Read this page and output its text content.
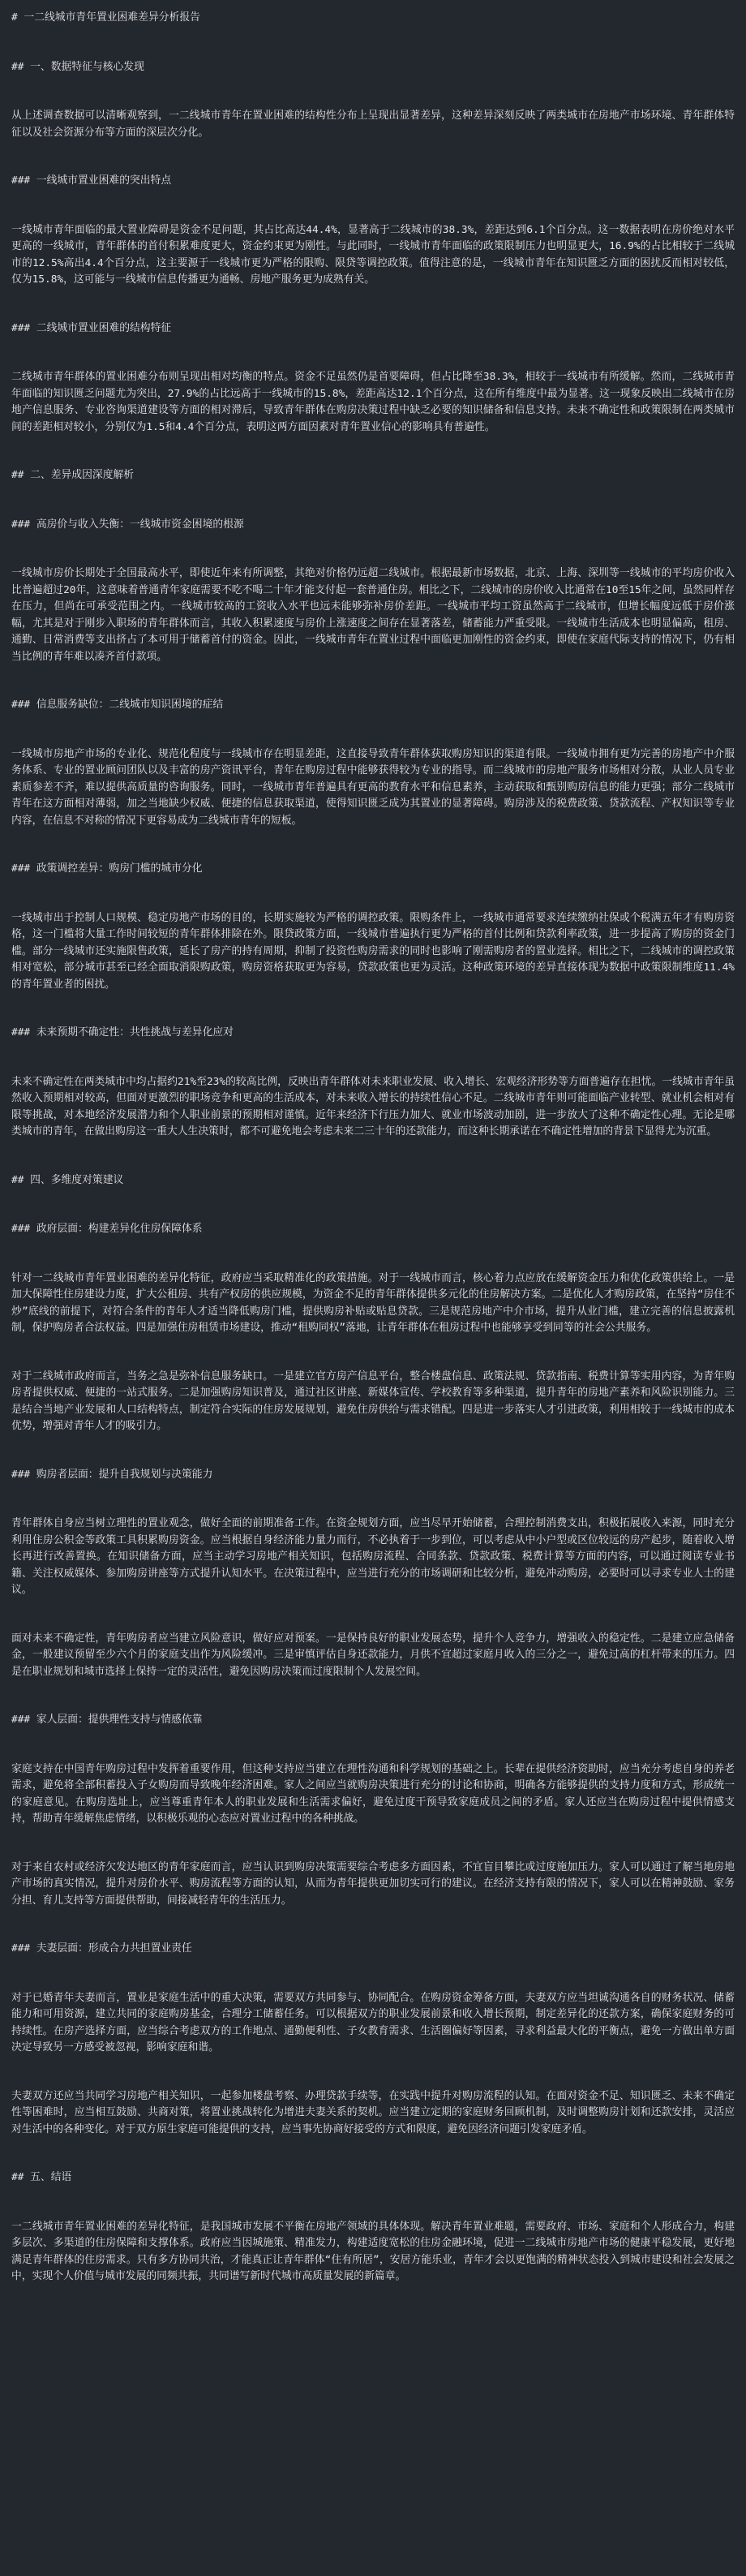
# 一二线城市青年置业困难差异分析报告
## 一、数据特征与核心发现
从上述调查数据可以清晰观察到，一二线城市青年在置业困难的结构性分布上呈现出显著差异，这种差异深刻反映了两类城市在房地产市场环境、青年群体特征以及社会资源分布等方面的深层次分化。
### 一线城市置业困难的突出特点
一线城市青年面临的最大置业障碍是资金不足问题，其占比高达44.4%，显著高于二线城市的38.3%，差距达到6.1个百分点。这一数据表明在房价绝对水平更高的一线城市，青年群体的首付积累难度更大，资金约束更为刚性。与此同时，一线城市青年面临的政策限制压力也明显更大，16.9%的占比相较于二线城市的12.5%高出4.4个百分点，这主要源于一线城市更为严格的限购、限贷等调控政策。值得注意的是，一线城市青年在知识匮乏方面的困扰反而相对较低，仅为15.8%，这可能与一线城市信息传播更为通畅、房地产服务更为成熟有关。
### 二线城市置业困难的结构特征
二线城市青年群体的置业困难分布则呈现出相对均衡的特点。资金不足虽然仍是首要障碍，但占比降至38.3%，相较于一线城市有所缓解。然而，二线城市青年面临的知识匮乏问题尤为突出，27.9%的占比远高于一线城市的15.8%，差距高达12.1个百分点，这在所有维度中最为显著。这一现象反映出二线城市在房地产信息服务、专业咨询渠道建设等方面的相对滞后，导致青年群体在购房决策过程中缺乏必要的知识储备和信息支持。未来不确定性和政策限制在两类城市间的差距相对较小，分别仅为1.5和4.4个百分点，表明这两方面因素对青年置业信心的影响具有普遍性。
## 二、差异成因深度解析
### 高房价与收入失衡：一线城市资金困境的根源
一线城市房价长期处于全国最高水平，即使近年来有所调整，其绝对价格仍远超二线城市。根据最新市场数据，北京、上海、深圳等一线城市的平均房价收入比普遍超过20年，这意味着普通青年家庭需要不吃不喝二十年才能支付起一套普通住房。相比之下，二线城市的房价收入比通常在10至15年之间，虽然同样存在压力，但尚在可承受范围之内。一线城市较高的工资收入水平也远未能够弥补房价差距。一线城市平均工资虽然高于二线城市，但增长幅度远低于房价涨幅，尤其是对于刚步入职场的青年群体而言，其收入积累速度与房价上涨速度之间存在显著落差，储蓄能力严重受限。一线城市生活成本也明显偏高，租房、通勤、日常消费等支出挤占了本可用于储蓄首付的资金。因此，一线城市青年在置业过程中面临更加刚性的资金约束，即使在家庭代际支持的情况下，仍有相当比例的青年难以凑齐首付款项。
### 信息服务缺位：二线城市知识困境的症结
一线城市房地产市场的专业化、规范化程度与一线城市存在明显差距，这直接导致青年群体获取购房知识的渠道有限。一线城市拥有更为完善的房地产中介服务体系、专业的置业顾问团队以及丰富的房产资讯平台，青年在购房过程中能够获得较为专业的指导。而二线城市的房地产服务市场相对分散，从业人员专业素质参差不齐，难以提供高质量的咨询服务。同时，一线城市青年普遍具有更高的教育水平和信息素养，主动获取和甄别购房信息的能力更强；部分二线城市青年在这方面相对薄弱，加之当地缺少权威、便捷的信息获取渠道，使得知识匮乏成为其置业的显著障碍。购房涉及的税费政策、贷款流程、产权知识等专业内容，在信息不对称的情况下更容易成为二线城市青年的短板。
### 政策调控差异：购房门槛的城市分化
一线城市出于控制人口规模、稳定房地产市场的目的，长期实施较为严格的调控政策。限购条件上，一线城市通常要求连续缴纳社保或个税满五年才有购房资格，这一门槛将大量工作时间较短的青年群体排除在外。限贷政策方面，一线城市普遍执行更为严格的首付比例和贷款利率政策，进一步提高了购房的资金门槛。部分一线城市还实施限售政策，延长了房产的持有周期，抑制了投资性购房需求的同时也影响了刚需购房者的置业选择。相比之下，二线城市的调控政策相对宽松，部分城市甚至已经全面取消限购政策，购房资格获取更为容易，贷款政策也更为灵活。这种政策环境的差异直接体现为数据中政策限制维度11.4%的青年置业者的困扰。
### 未来预期不确定性：共性挑战与差异化应对
未来不确定性在两类城市中均占据约21%至23%的较高比例，反映出青年群体对未来职业发展、收入增长、宏观经济形势等方面普遍存在担忧。一线城市青年虽然收入预期相对较高，但面对更激烈的职场竞争和更高的生活成本，对未来收入增长的持续性信心不足。二线城市青年则可能面临产业转型、就业机会相对有限等挑战，对本地经济发展潜力和个人职业前景的预期相对谨慎。近年来经济下行压力加大、就业市场波动加剧，进一步放大了这种不确定性心理。无论是哪类城市的青年，在做出购房这一重大人生决策时，都不可避免地会考虑未来二三十年的还款能力，而这种长期承诺在不确定性增加的背景下显得尤为沉重。
## 四、多维度对策建议
### 政府层面：构建差异化住房保障体系
针对一二线城市青年置业困难的差异化特征，政府应当采取精准化的政策措施。对于一线城市而言，核心着力点应放在缓解资金压力和优化政策供给上。一是加大保障性住房建设力度，扩大公租房、共有产权房的供应规模，为资金不足的青年群体提供多元化的住房解决方案。二是优化人才购房政策，在坚持“房住不炒”底线的前提下，对符合条件的青年人才适当降低购房门槛，提供购房补贴或贴息贷款。三是规范房地产中介市场，提升从业门槛，建立完善的信息披露机制，保护购房者合法权益。四是加强住房租赁市场建设，推动“租购同权”落地，让青年群体在租房过程中也能够享受到同等的社会公共服务。
对于二线城市政府而言，当务之急是弥补信息服务缺口。一是建立官方房产信息平台，整合楼盘信息、政策法规、贷款指南、税费计算等实用内容，为青年购房者提供权威、便捷的一站式服务。二是加强购房知识普及，通过社区讲座、新媒体宣传、学校教育等多种渠道，提升青年的房地产素养和风险识别能力。三是结合当地产业发展和人口结构特点，制定符合实际的住房发展规划，避免住房供给与需求错配。四是进一步落实人才引进政策，利用相较于一线城市的成本优势，增强对青年人才的吸引力。
### 购房者层面：提升自我规划与决策能力
青年群体自身应当树立理性的置业观念，做好全面的前期准备工作。在资金规划方面，应当尽早开始储蓄，合理控制消费支出，积极拓展收入来源，同时充分利用住房公积金等政策工具积累购房资金。应当根据自身经济能力量力而行，不必执着于一步到位，可以考虑从中小户型或区位较远的房产起步，随着收入增长再进行改善置换。在知识储备方面，应当主动学习房地产相关知识，包括购房流程、合同条款、贷款政策、税费计算等方面的内容，可以通过阅读专业书籍、关注权威媒体、参加购房讲座等方式提升认知水平。在决策过程中，应当进行充分的市场调研和比较分析，避免冲动购房，必要时可以寻求专业人士的建议。
面对未来不确定性，青年购房者应当建立风险意识，做好应对预案。一是保持良好的职业发展态势，提升个人竞争力，增强收入的稳定性。二是建立应急储备金，一般建议预留至少六个月的家庭支出作为风险缓冲。三是审慎评估自身还款能力，月供不宜超过家庭月收入的三分之一，避免过高的杠杆带来的压力。四是在职业规划和城市选择上保持一定的灵活性，避免因购房决策而过度限制个人发展空间。
### 家人层面：提供理性支持与情感依靠
家庭支持在中国青年购房过程中发挥着重要作用，但这种支持应当建立在理性沟通和科学规划的基础之上。长辈在提供经济资助时，应当充分考虑自身的养老需求，避免将全部积蓄投入子女购房而导致晚年经济困难。家人之间应当就购房决策进行充分的讨论和协商，明确各方能够提供的支持力度和方式，形成统一的家庭意见。在购房选址上，应当尊重青年本人的职业发展和生活需求偏好，避免过度干预导致家庭成员之间的矛盾。家人还应当在购房过程中提供情感支持，帮助青年缓解焦虑情绪，以积极乐观的心态应对置业过程中的各种挑战。
对于来自农村或经济欠发达地区的青年家庭而言，应当认识到购房决策需要综合考虑多方面因素，不宜盲目攀比或过度施加压力。家人可以通过了解当地房地产市场的真实情况，提升对房价水平、购房流程等方面的认知，从而为青年提供更加切实可行的建议。在经济支持有限的情况下，家人可以在精神鼓励、家务分担、育儿支持等方面提供帮助，间接减轻青年的生活压力。
### 夫妻层面：形成合力共担置业责任
对于已婚青年夫妻而言，置业是家庭生活中的重大决策，需要双方共同参与、协同配合。在购房资金筹备方面，夫妻双方应当坦诚沟通各自的财务状况、储蓄能力和可用资源，建立共同的家庭购房基金，合理分工储蓄任务。可以根据双方的职业发展前景和收入增长预期，制定差异化的还款方案，确保家庭财务的可持续性。在房产选择方面，应当综合考虑双方的工作地点、通勤便利性、子女教育需求、生活圈偏好等因素，寻求利益最大化的平衡点，避免一方做出单方面决定导致另一方感受被忽视，影响家庭和谐。
夫妻双方还应当共同学习房地产相关知识，一起参加楼盘考察、办理贷款手续等，在实践中提升对购房流程的认知。在面对资金不足、知识匮乏、未来不确定性等困难时，应当相互鼓励、共商对策，将置业挑战转化为增进夫妻关系的契机。应当建立定期的家庭财务回顾机制，及时调整购房计划和还款安排，灵活应对生活中的各种变化。对于双方原生家庭可能提供的支持，应当事先协商好接受的方式和限度，避免因经济问题引发家庭矛盾。
## 五、结语
一二线城市青年置业困难的差异化特征，是我国城市发展不平衡在房地产领域的具体体现。解决青年置业难题，需要政府、市场、家庭和个人形成合力，构建多层次、多渠道的住房保障和支撑体系。政府应当因城施策、精准发力，构建适度宽松的住房金融环境，促进一二线城市房地产市场的健康平稳发展，更好地满足青年群体的住房需求。只有多方协同共治，才能真正让青年群体“住有所居”，安居方能乐业，青年才会以更饱满的精神状态投入到城市建设和社会发展之中，实现个人价值与城市发展的同频共振，共同谱写新时代城市高质量发展的新篇章。
